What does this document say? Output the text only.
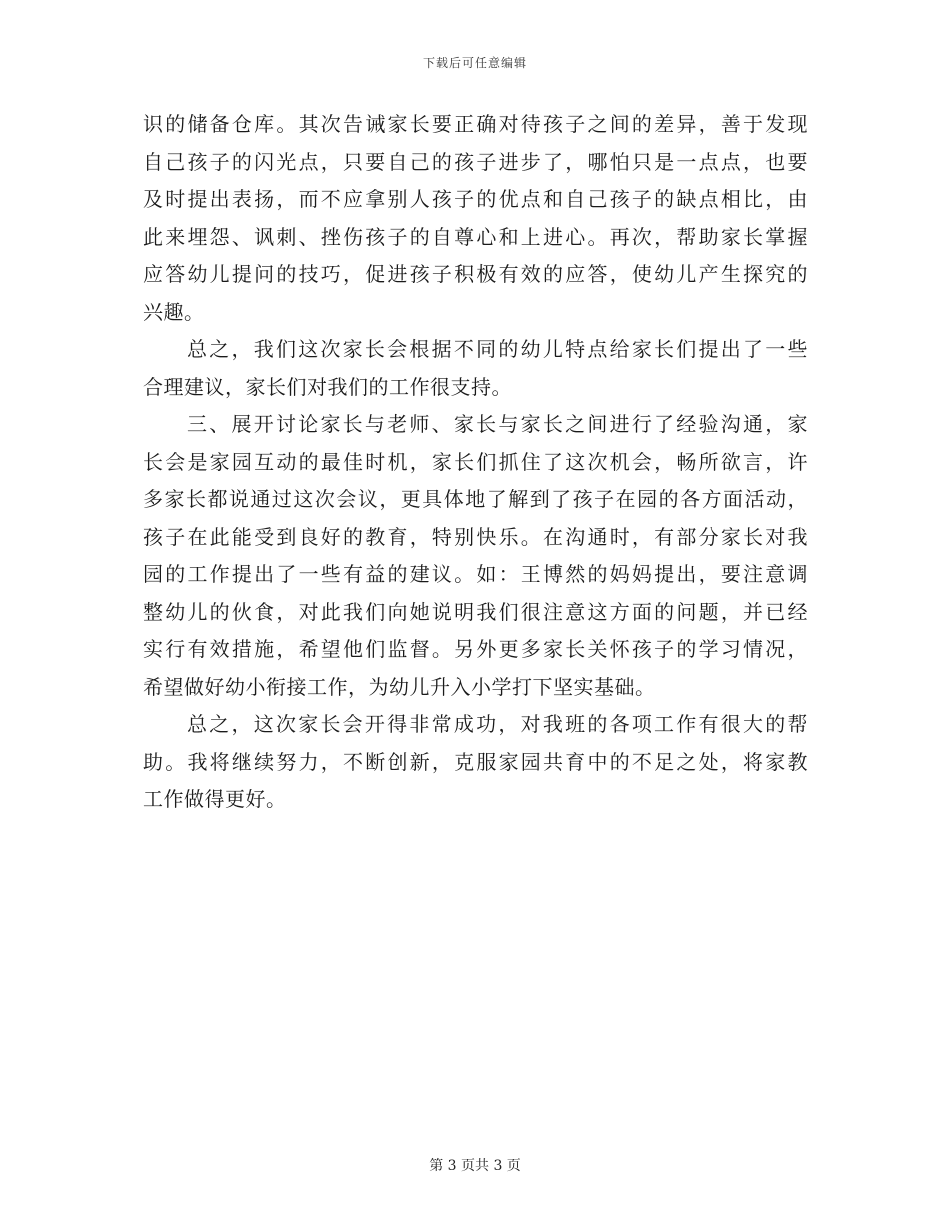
下载后可任意编辑
识的储备仓库。其次告诫家长要正确对待孩子之间的差异，善于发现
自己孩子的闪光点，只要自己的孩子进步了，哪怕只是一点点，也要
及时提出表扬，而不应拿别人孩子的优点和自己孩子的缺点相比，由
此来埋怨、讽刺、挫伤孩子的自尊心和上进心。再次，帮助家长掌握
应答幼儿提问的技巧，促进孩子积极有效的应答，使幼儿产生探究的
兴趣。
总之，我们这次家长会根据不同的幼儿特点给家长们提出了一些
合理建议，家长们对我们的工作很支持。
三、展开讨论家长与老师、家长与家长之间进行了经验沟通，家
长会是家园互动的最佳时机，家长们抓住了这次机会，畅所欲言，许
多家长都说通过这次会议，更具体地了解到了孩子在园的各方面活动，
孩子在此能受到良好的教育，特别快乐。在沟通时，有部分家长对我
园的工作提出了一些有益的建议。如：王博然的妈妈提出，要注意调
整幼儿的伙食，对此我们向她说明我们很注意这方面的问题，并已经
实行有效措施，希望他们监督。另外更多家长关怀孩子的学习情况，
希望做好幼小衔接工作，为幼儿升入小学打下坚实基础。
总之，这次家长会开得非常成功，对我班的各项工作有很大的帮
助。我将继续努力，不断创新，克服家园共育中的不足之处，将家教
工作做得更好。
第 3 页共 3 页
